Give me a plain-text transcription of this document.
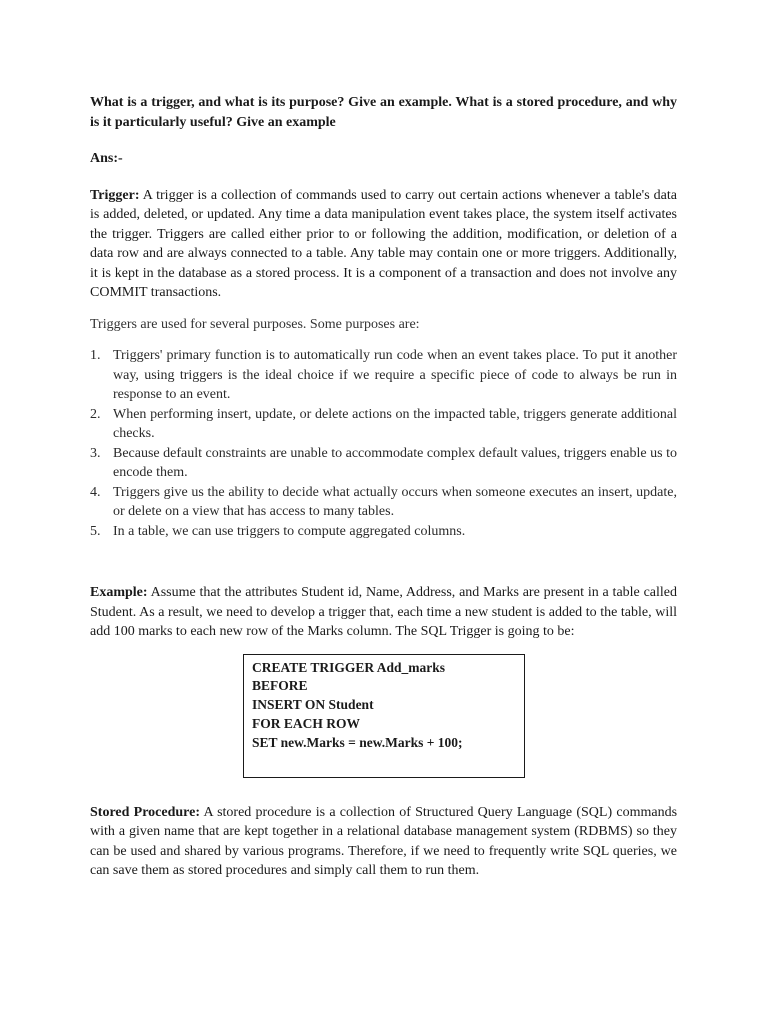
What is a trigger, and what is its purpose? Give an example. What is a stored procedure, and why is it particularly useful? Give an example

Ans:-

Trigger: A trigger is a collection of commands used to carry out certain actions whenever a table's data is added, deleted, or updated. Any time a data manipulation event takes place, the system itself activates the trigger. Triggers are called either prior to or following the addition, modification, or deletion of a data row and are always connected to a table. Any table may contain one or more triggers. Additionally, it is kept in the database as a stored process. It is a component of a transaction and does not involve any COMMIT transactions.

Triggers are used for several purposes. Some purposes are:

1. Triggers' primary function is to automatically run code when an event takes place. To put it another way, using triggers is the ideal choice if we require a specific piece of code to always be run in response to an event.
2. When performing insert, update, or delete actions on the impacted table, triggers generate additional checks.
3. Because default constraints are unable to accommodate complex default values, triggers enable us to encode them.
4. Triggers give us the ability to decide what actually occurs when someone executes an insert, update, or delete on a view that has access to many tables.
5. In a table, we can use triggers to compute aggregated columns.

Example: Assume that the attributes Student id, Name, Address, and Marks are present in a table called Student. As a result, we need to develop a trigger that, each time a new student is added to the table, will add 100 marks to each new row of the Marks column. The SQL Trigger is going to be:

CREATE TRIGGER Add_marks
BEFORE
INSERT ON Student
FOR EACH ROW
SET new.Marks = new.Marks + 100;

Stored Procedure: A stored procedure is a collection of Structured Query Language (SQL) commands with a given name that are kept together in a relational database management system (RDBMS) so they can be used and shared by various programs. Therefore, if we need to frequently write SQL queries, we can save them as stored procedures and simply call them to run them.
